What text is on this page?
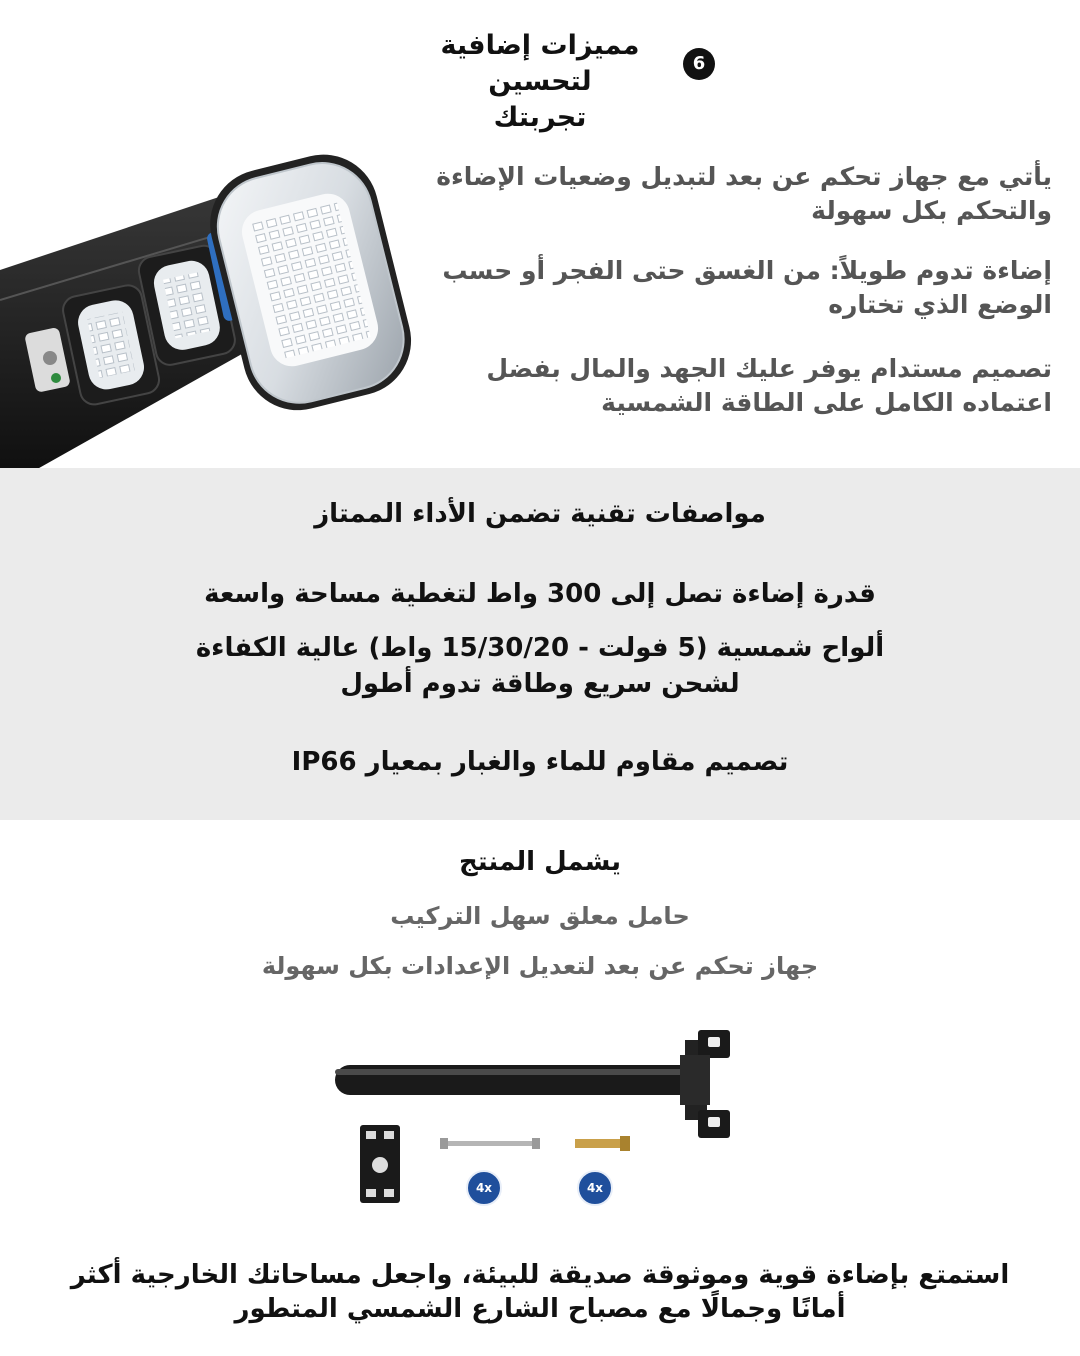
مميزات إضافية لتحسين تجربتك
6
يأتي مع جهاز تحكم عن بعد لتبديل وضعيات الإضاءة والتحكم بكل سهولة
إضاءة تدوم طويلاً: من الغسق حتى الفجر أو حسب الوضع الذي تختاره
تصميم مستدام يوفر عليك الجهد والمال بفضل اعتماده الكامل على الطاقة الشمسية
مواصفات تقنية تضمن الأداء الممتاز
قدرة إضاءة تصل إلى 300 واط لتغطية مساحة واسعة
ألواح شمسية (5 فولت - 15/30/20 واط) عالية الكفاءة لشحن سريع وطاقة تدوم أطول
تصميم مقاوم للماء والغبار بمعيار IP66
يشمل المنتج
حامل معلق سهل التركيب
جهاز تحكم عن بعد لتعديل الإعدادات بكل سهولة
4x	4x
استمتع بإضاءة قوية وموثوقة صديقة للبيئة، واجعل مساحاتك الخارجية أكثر أمانًا وجمالًا مع مصباح الشارع الشمسي المتطور
